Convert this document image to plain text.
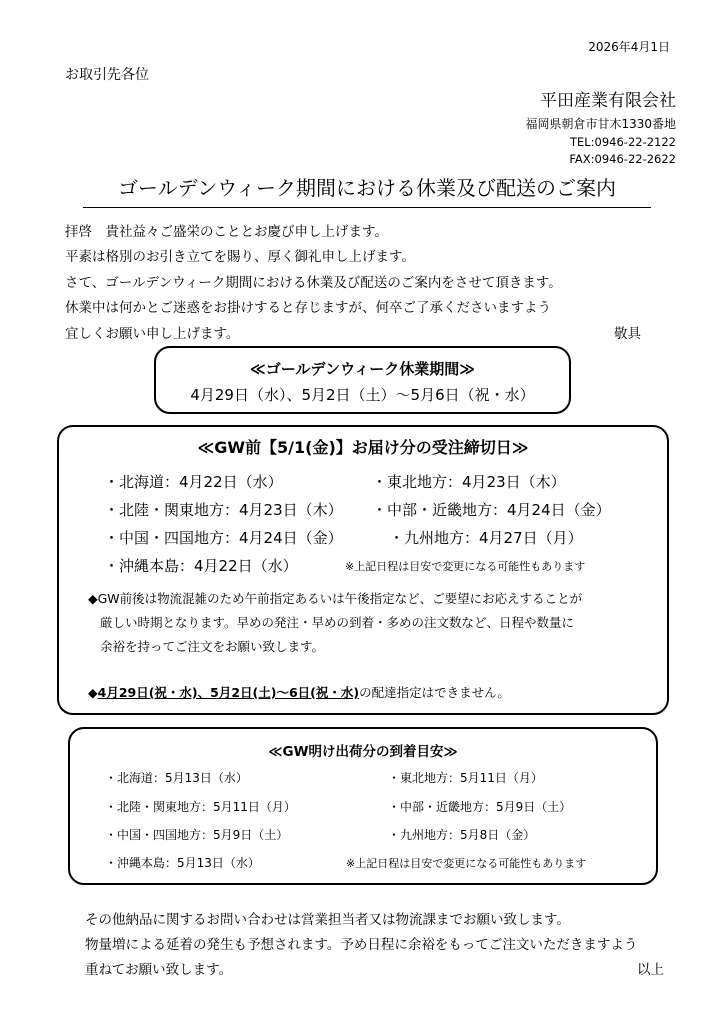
2026年4月1日
お取引先各位
平田産業有限会社
福岡県朝倉市甘木1330番地
TEL:0946-22-2122
FAX:0946-22-2622
ゴールデンウィーク期間における休業及び配送のご案内
拝啓　貴社益々ご盛栄のこととお慶び申し上げます。
平素は格別のお引き立てを賜り、厚く御礼申し上げます。
さて、ゴールデンウィーク期間における休業及び配送のご案内をさせて頂きます。
休業中は何かとご迷惑をお掛けすると存じますが、何卒ご了承くださいますよう
宜しくお願い申し上げます。	敬具
≪ゴールデンウィーク休業期間≫
4月29日（水）、5月2日（土）〜5月6日（祝・水）
≪GW前【5/1(金)】お届け分の受注締切日≫
・北海道：4月22日（水）	・東北地方：4月23日（木）
・北陸・関東地方：4月23日（木） ・中部・近畿地方：4月24日（金）
・中国・四国地方：4月24日（金）	・九州地方：4月27日（月）
・沖縄本島：4月22日（水）	※上記日程は目安で変更になる可能性もあります
◆GW前後は物流混雑のため午前指定あるいは午後指定など、ご要望にお応えすることが
厳しい時期となります。早めの発注・早めの到着・多めの注文数など、日程や数量に
余裕を持ってご注文をお願い致します。
◆4月29日(祝・水)、5月2日(土)〜6日(祝・水)の配達指定はできません。
≪GW明け出荷分の到着目安≫
・北海道：5月13日（水）	・東北地方：5月11日（月）
・北陸・関東地方：5月11日（月）	・中部・近畿地方：5月9日（土）
・中国・四国地方：5月9日（土）	・九州地方：5月8日（金）
・沖縄本島：5月13日（水）	※上記日程は目安で変更になる可能性もあります
その他納品に関するお問い合わせは営業担当者又は物流課までお願い致します。
物量増による延着の発生も予想されます。予め日程に余裕をもってご注文いただきますよう
重ねてお願い致します。	以上
